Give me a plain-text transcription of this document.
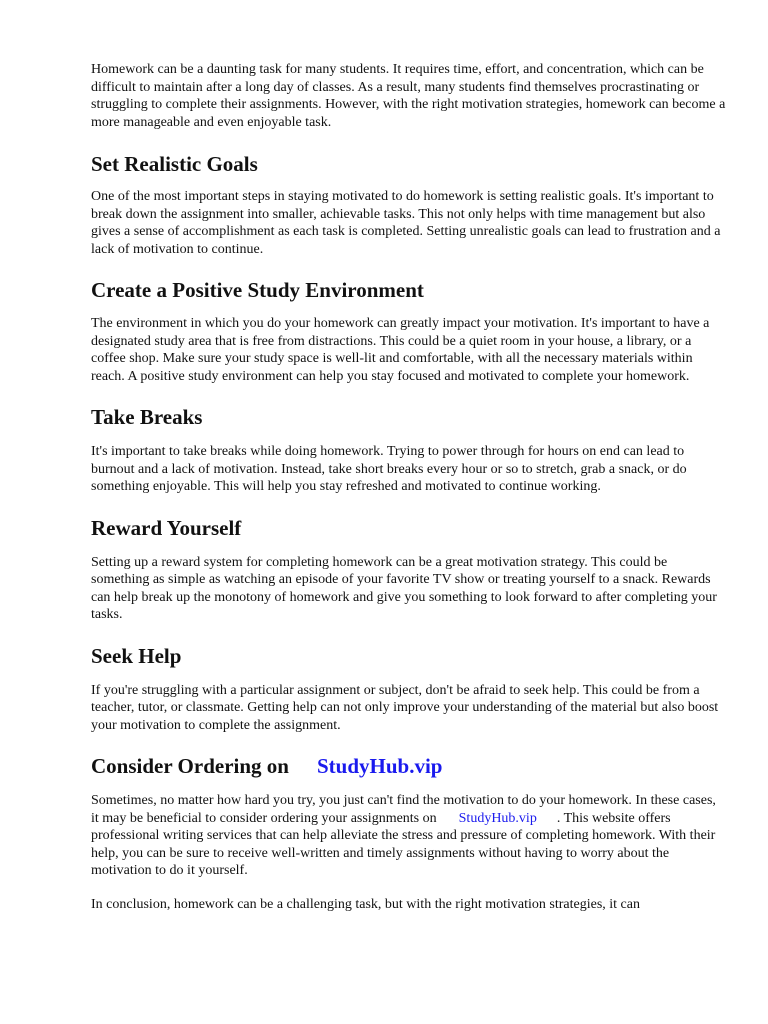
Homework can be a daunting task for many students. It requires time, effort, and concentration, which can be difficult to maintain after a long day of classes. As a result, many students find themselves procrastinating or struggling to complete their assignments. However, with the right motivation strategies, homework can become a more manageable and even enjoyable task.

Set Realistic Goals

One of the most important steps in staying motivated to do homework is setting realistic goals. It's important to break down the assignment into smaller, achievable tasks. This not only helps with time management but also gives a sense of accomplishment as each task is completed. Setting unrealistic goals can lead to frustration and a lack of motivation to continue.

Create a Positive Study Environment

The environment in which you do your homework can greatly impact your motivation. It's important to have a designated study area that is free from distractions. This could be a quiet room in your house, a library, or a coffee shop. Make sure your study space is well-lit and comfortable, with all the necessary materials within reach. A positive study environment can help you stay focused and motivated to complete your homework.

Take Breaks

It's important to take breaks while doing homework. Trying to power through for hours on end can lead to burnout and a lack of motivation. Instead, take short breaks every hour or so to stretch, grab a snack, or do something enjoyable. This will help you stay refreshed and motivated to continue working.

Reward Yourself

Setting up a reward system for completing homework can be a great motivation strategy. This could be something as simple as watching an episode of your favorite TV show or treating yourself to a snack. Rewards can help break up the monotony of homework and give you something to look forward to after completing your tasks.

Seek Help

If you're struggling with a particular assignment or subject, don't be afraid to seek help. This could be from a teacher, tutor, or classmate. Getting help can not only improve your understanding of the material but also boost your motivation to complete the assignment.

Consider Ordering on StudyHub.vip

Sometimes, no matter how hard you try, you just can't find the motivation to do your homework. In these cases, it may be beneficial to consider ordering your assignments on StudyHub.vip . This website offers professional writing services that can help alleviate the stress and pressure of completing homework. With their help, you can be sure to receive well-written and timely assignments without having to worry about the motivation to do it yourself.

In conclusion, homework can be a challenging task, but with the right motivation strategies, it can
